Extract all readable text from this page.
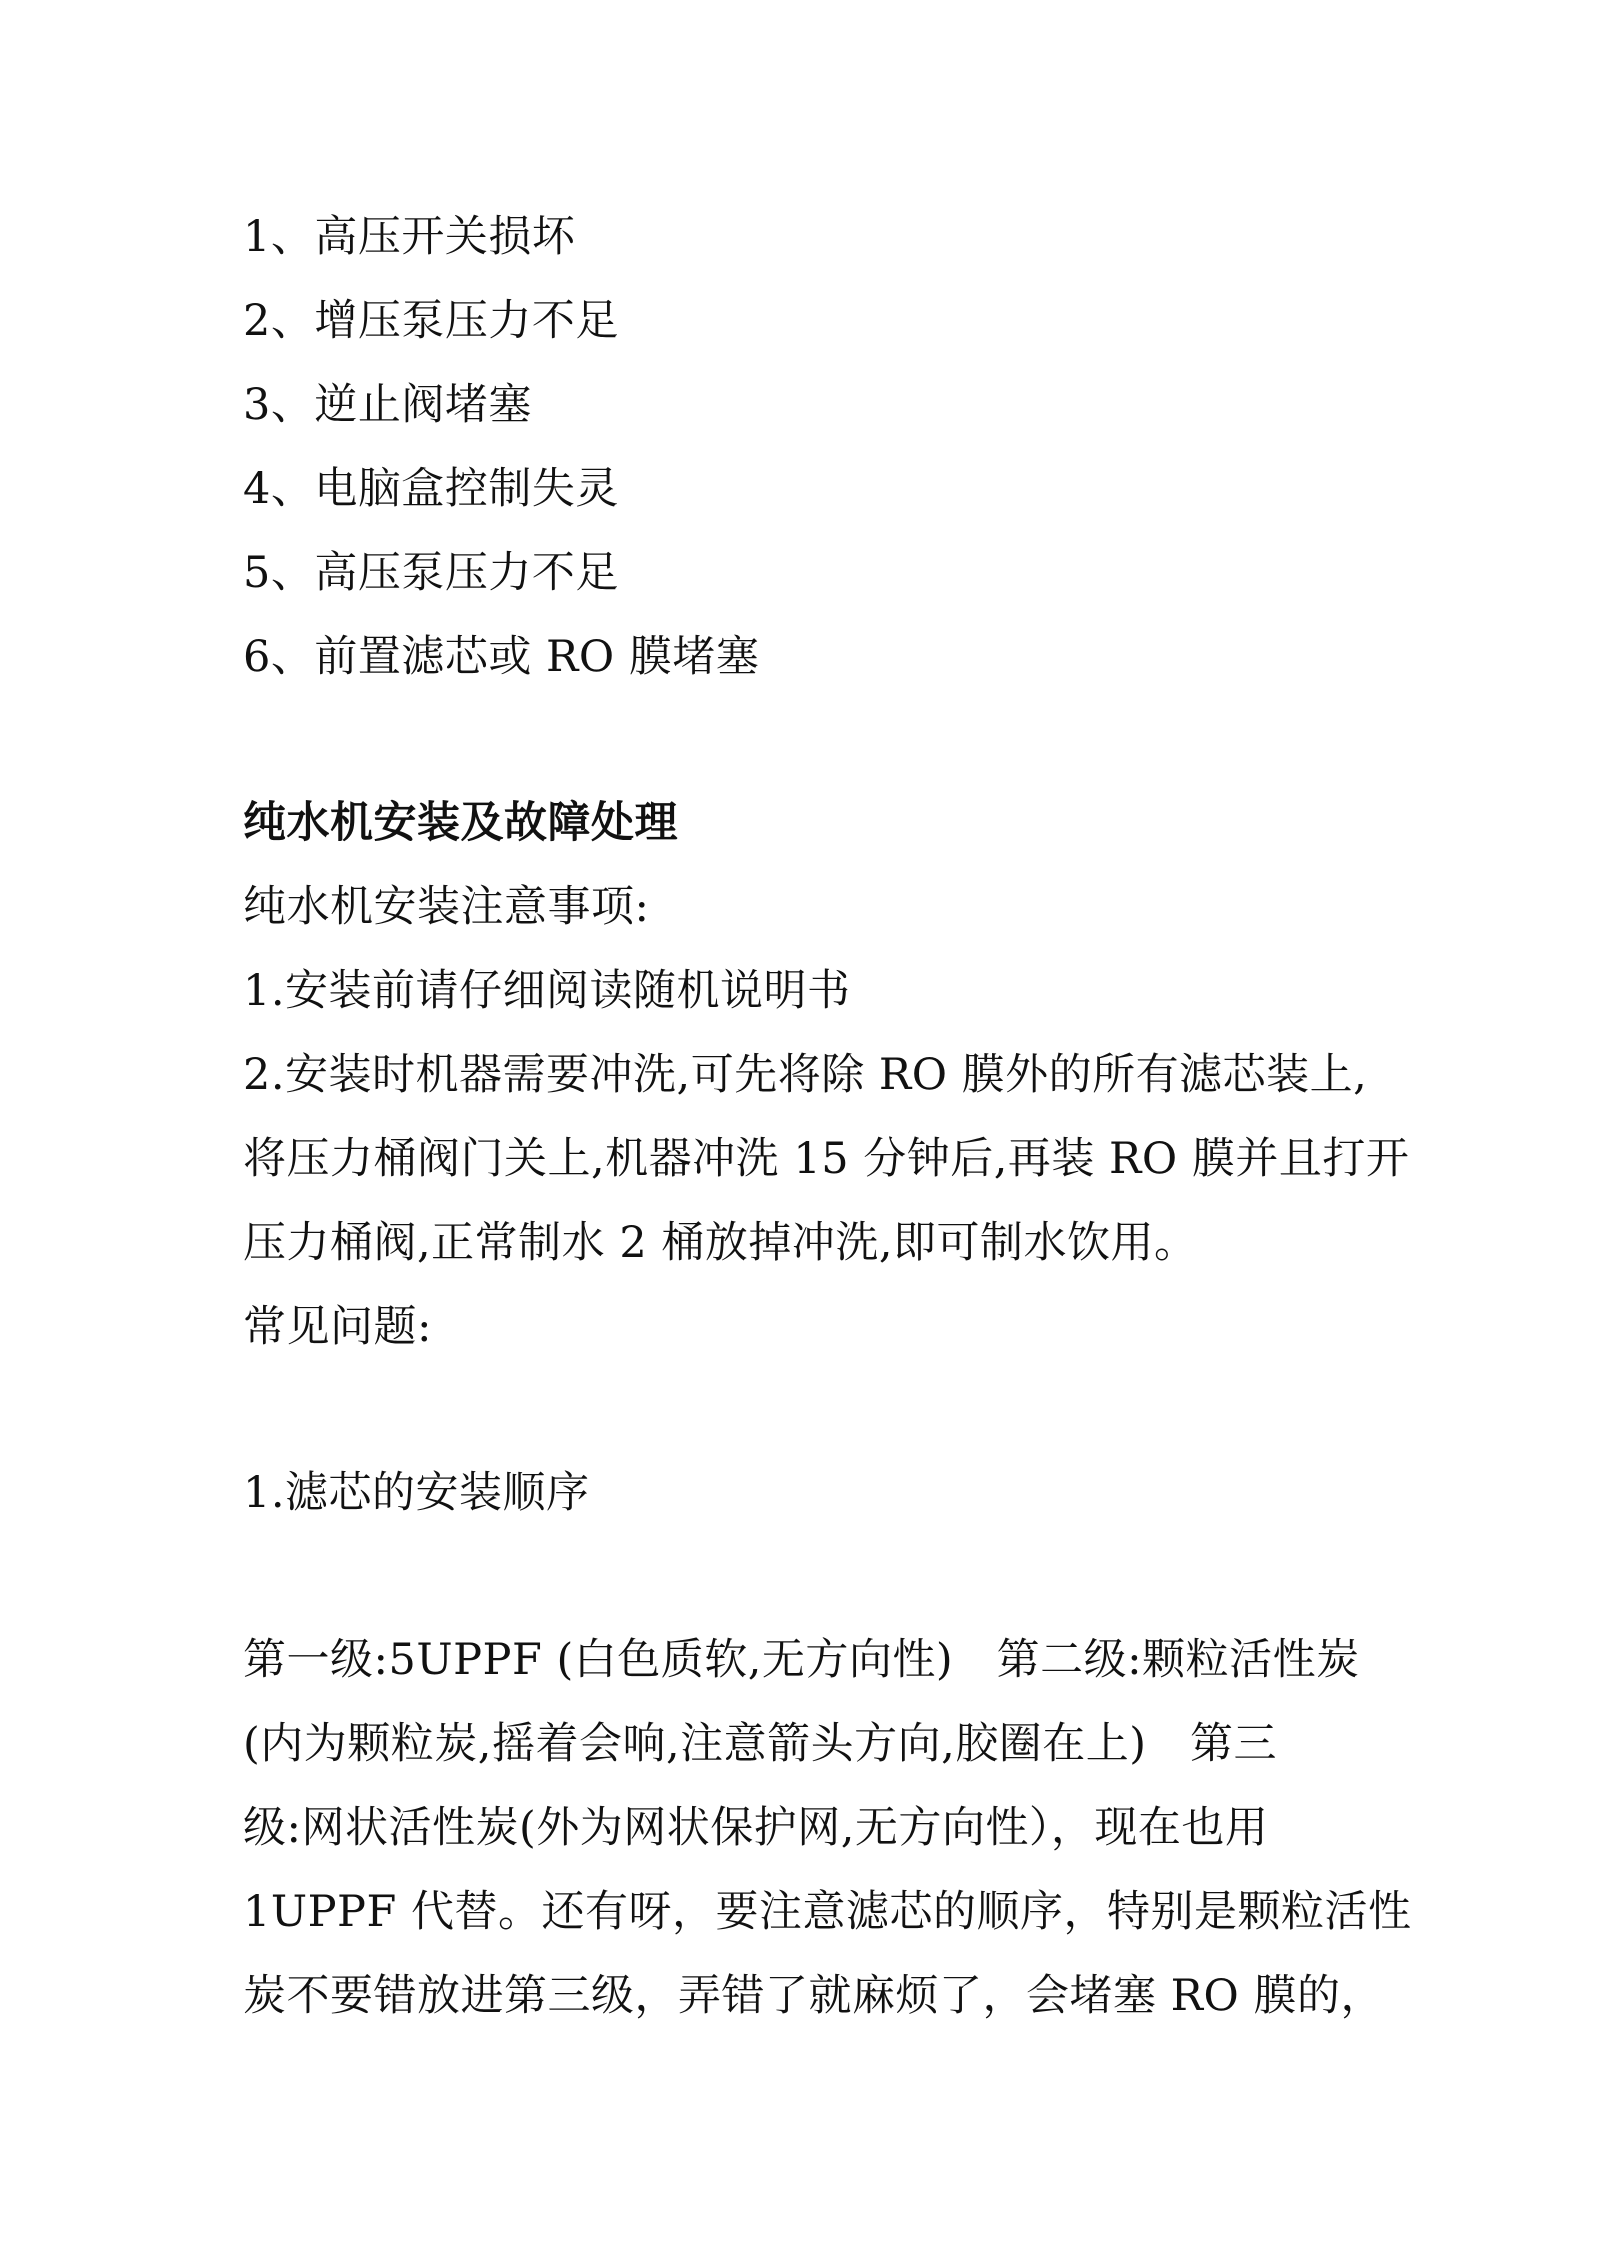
1、高压开关损坏
2、增压泵压力不足
3、逆止阀堵塞
4、电脑盒控制失灵
5、高压泵压力不足
6、前置滤芯或 RO 膜堵塞
纯水机安装及故障处理
纯水机安装注意事项:
1.安装前请仔细阅读随机说明书
2.安装时机器需要冲洗,可先将除 RO 膜外的所有滤芯装上,
将压力桶阀门关上,机器冲洗 15 分钟后,再装 RO 膜并且打开
压力桶阀,正常制水 2 桶放掉冲洗,即可制水饮用。
常见问题:
1.滤芯的安装顺序
第一级:5UPPF (白色质软,无方向性)　第二级:颗粒活性炭
(内为颗粒炭,摇着会响,注意箭头方向,胶圈在上)　第三
级:网状活性炭(外为网状保护网,无方向性），现在也用
1UPPF 代替。还有呀，要注意滤芯的顺序，特别是颗粒活性
炭不要错放进第三级，弄错了就麻烦了，会堵塞 RO 膜的，
